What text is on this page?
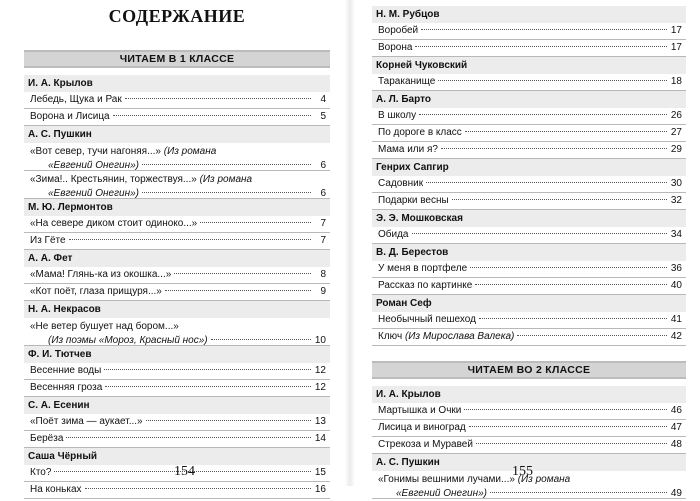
СОДЕРЖАНИЕ
ЧИТАЕМ В 1 КЛАССЕ
И. А. Крылов
Лебедь, Щука и Рак	4
Ворона и Лисица	5
А. С. Пушкин
«Вот север, тучи нагоняя...» (Из романа
«Евгений Онегин»)	6
«Зима!.. Крестьянин, торжествуя...» (Из романа
«Евгений Онегин»)	6
М. Ю. Лермонтов
«На севере диком стоит одиноко...»	7
Из Гёте	7
А. А. Фет
«Мама! Глянь-ка из окошка...»	8
«Кот поёт, глаза прищуря...»	9
Н. А. Некрасов
«Не ветер бушует над бором...»
(Из поэмы «Мороз, Красный нос»)	10
Ф. И. Тютчев
Весенние воды	12
Весенняя гроза	12
С. А. Есенин
«Поёт зима — аукает...»	13
Берёза	14
Саша Чёрный
Кто?	15
На коньках	16
154
Н. М. Рубцов
Воробей	17
Ворона	17
Корней Чуковский
Тараканище	18
А. Л. Барто
В школу	26
По дороге в класс	27
Мама или я?	29
Генрих Сапгир
Садовник	30
Подарки весны	32
Э. Э. Мошковская
Обида	34
В. Д. Берестов
У меня в портфеле	36
Рассказ по картинке	40
Роман Сеф
Необычный пешеход	41
Ключ
(Из Мирослава Валека)	42
ЧИТАЕМ ВО 2 КЛАССЕ
И. А. Крылов
Мартышка и Очки	46
Лисица и виноград	47
Стрекоза и Муравей	48
А. С. Пушкин
«Гонимы вешними лучами...» (Из романа
«Евгений Онегин»)	49
155
